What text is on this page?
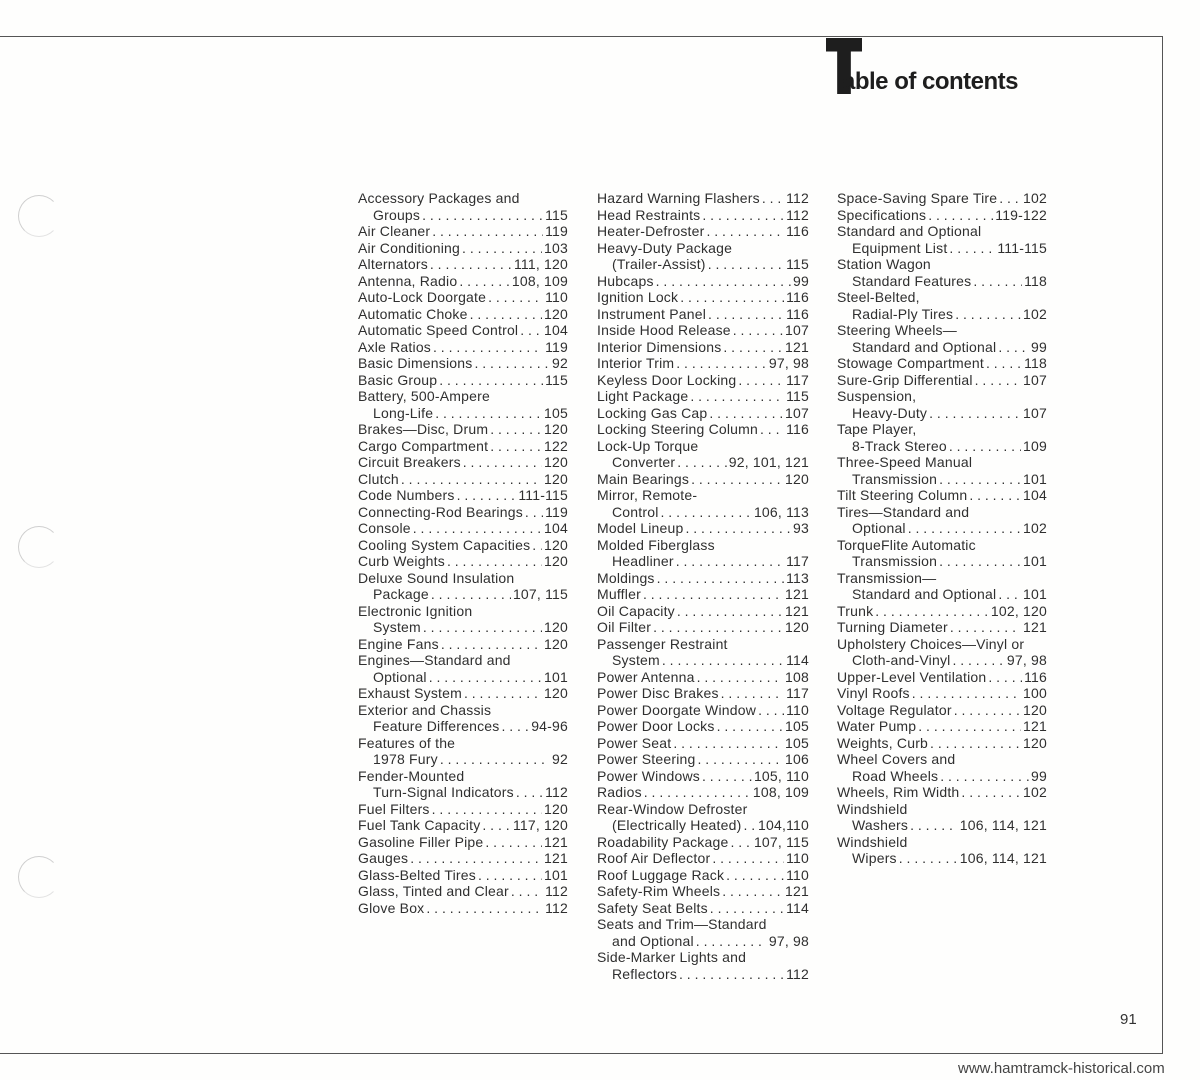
able of contents
Accessory Packages and
Groups . . .	115
Air Cleaner . . .	119
Air Conditioning . . .	103
Alternators . . .	111, 120
Antenna, Radio . . .	108, 109
Auto-Lock Doorgate . . .	110
Automatic Choke . . .	120
Automatic Speed Control . . . 104
Axle Ratios . . .	119
Basic Dimensions . . .	92
Basic Group . . .	115
Battery, 500-Ampere
Long-Life . . .	105
Brakes—Disc, Drum . . .	120
Cargo Compartment . . .	122
Circuit Breakers . . .	120
Clutch . . .	120
Code Numbers . . .	111-115
Connecting-Rod Bearings . . . 119
Console . . .	104
Cooling System Capacities . . . 120
Curb Weights . . .	120
Deluxe Sound Insulation
Package . . .	107, 115
Electronic Ignition
System . . .	120
Engine Fans . . .	120
Engines—Standard and
Optional . . .	101
Exhaust System . . .	120
Exterior and Chassis
Feature Differences . . . 94-96
Features of the
1978 Fury . . .	92
Fender-Mounted
Turn-Signal Indicators . . . 112
Fuel Filters . . .	120
Fuel Tank Capacity . . . 117, 120
Gasoline Filler Pipe . . .	121
Gauges . . .	121
Glass-Belted Tires . . .	101
Glass, Tinted and Clear . . .	112
Glove Box . . .	112
Hazard Warning Flashers . . . 112
Head Restraints . . .	112
Heater-Defroster . . .	116
Heavy-Duty Package
(Trailer-Assist) . . .	115
Hubcaps . . .	99
Ignition Lock . . .	116
Instrument Panel . . .	116
Inside Hood Release . . .	107
Interior Dimensions . . .	121
Interior Trim . . .	97, 98
Keyless Door Locking . . .	117
Light Package . . .	115
Locking Gas Cap . . .	107
Locking Steering Column . . . 116
Lock-Up Torque
Converter . . .	92, 101, 121
Main Bearings . . .	120
Mirror, Remote-
Control . . .	106, 113
Model Lineup . . .	93
Molded Fiberglass
Headliner . . .	117
Moldings . . .	113
Muffler . . .	121
Oil Capacity . . .	121
Oil Filter . . .	120
Passenger Restraint
System . . .	114
Power Antenna . . .	108
Power Disc Brakes . . .	117
Power Doorgate Window . . . 110
Power Door Locks . . .	105
Power Seat . . .	105
Power Steering . . .	106
Power Windows . . .	105, 110
Radios . . .	108, 109
Rear-Window Defroster
(Electrically Heated) . . . 104,110
Roadability Package . . . 107, 115
Roof Air Deflector . . .	110
Roof Luggage Rack . . .	110
Safety-Rim Wheels . . .	121
Safety Seat Belts . . .	114
Seats and Trim—Standard
and Optional . . .	97, 98
Side-Marker Lights and
Reflectors . . .	112
Space-Saving Spare Tire . . . 102
Specifications . . .	119-122
Standard and Optional
Equipment List . . .	111-115
Station Wagon
Standard Features . . .	118
Steel-Belted,
Radial-Ply Tires . . .	102
Steering Wheels—
Standard and Optional . . . 99
Stowage Compartment . . .	118
Sure-Grip Differential . . .	107
Suspension,
Heavy-Duty . . .	107
Tape Player,
8-Track Stereo . . .	109
Three-Speed Manual
Transmission . . .	101
Tilt Steering Column . . .	104
Tires—Standard and
Optional . . .	102
TorqueFlite Automatic
Transmission . . .	101
Transmission—
Standard and Optional . . . 101
Trunk . . .	102, 120
Turning Diameter . . .	121
Upholstery Choices—Vinyl or
Cloth-and-Vinyl . . .	97, 98
Upper-Level Ventilation . . .	116
Vinyl Roofs . . .	100
Voltage Regulator . . .	120
Water Pump . . .	121
Weights, Curb . . .	120
Wheel Covers and
Road Wheels . . .	99
Wheels, Rim Width . . .	102
Windshield
Washers . . .	106, 114, 121
Windshield
Wipers . . .	106, 114, 121
91
www.hamtramck-historical.com
